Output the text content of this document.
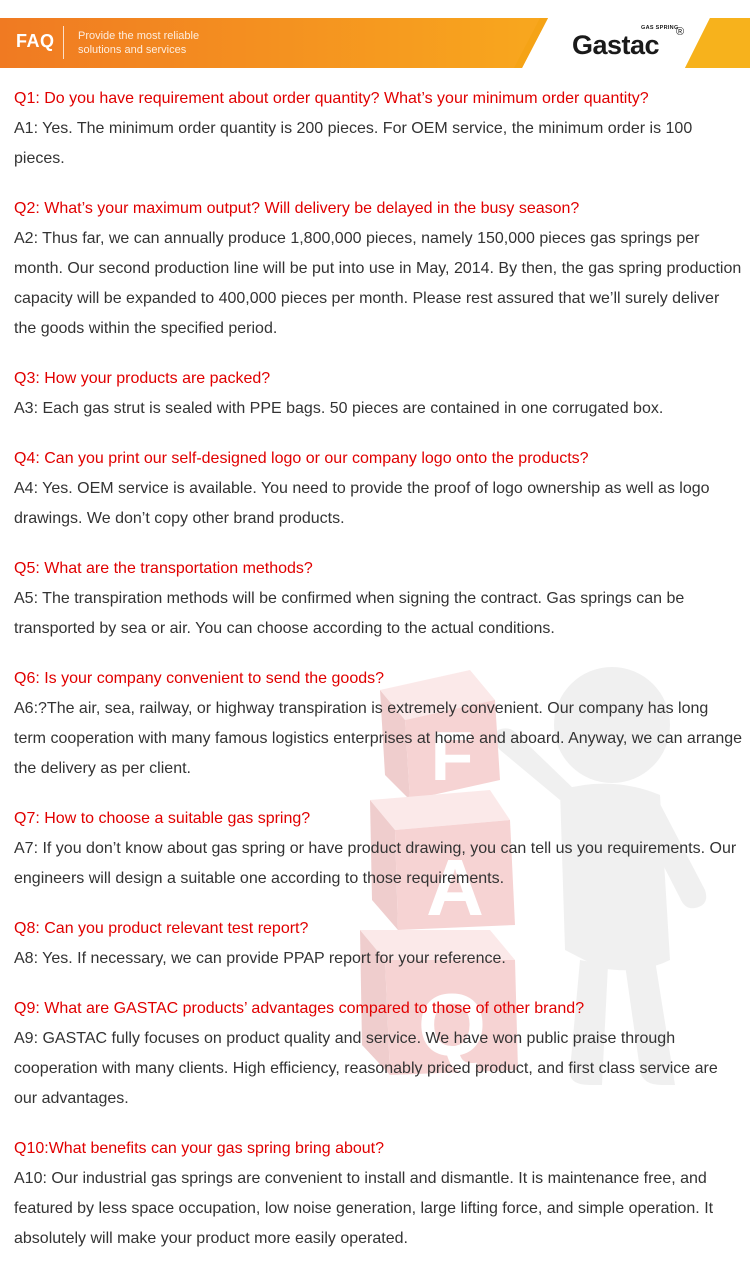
FAQ Provide the most reliable
solutions and services
GAS SPRING
®
Gastac
F
A
Q
Q1: Do you have requirement about order quantity? What’s your minimum order quantity?
A1: Yes. The minimum order quantity is 200 pieces. For OEM service, the minimum order is 100 pieces.
Q2: What’s your maximum output? Will delivery be delayed in the busy season?
A2: Thus far, we can annually produce 1,800,000 pieces, namely 150,000 pieces gas springs per month. Our second production line will be put into use in May, 2014. By then, the gas spring production capacity will be expanded to 400,000 pieces per month. Please rest assured that we’ll surely deliver the goods within the specified period.
Q3: How your products are packed?
A3: Each gas strut is sealed with PPE bags. 50 pieces are contained in one corrugated box.
Q4: Can you print our self-designed logo or our company logo onto the products?
A4: Yes. OEM service is available. You need to provide the proof of logo ownership as well as logo drawings. We don’t copy other brand products.
Q5: What are the transportation methods?
A5: The transpiration methods will be confirmed when signing the contract. Gas springs can be transported by sea or air. You can choose according to the actual conditions.
Q6: Is your company convenient to send the goods?
A6:?The air, sea, railway, or highway transpiration is extremely convenient. Our company has long term cooperation with many famous logistics enterprises at home and aboard. Anyway, we can arrange the delivery as per client.
Q7: How to choose a suitable gas spring?
A7: If you don’t know about gas spring or have product drawing, you can tell us you requirements. Our engineers will design a suitable one according to those requirements.
Q8: Can you product relevant test report?
A8: Yes. If necessary, we can provide PPAP report for your reference.
Q9: What are GASTAC products’ advantages compared to those of other brand?
A9: GASTAC fully focuses on product quality and service. We have won public praise through cooperation with many clients. High efficiency, reasonably priced product, and first class service are our advantages.
Q10:What benefits can your gas spring bring about?
A10: Our industrial gas springs are convenient to install and dismantle. It is maintenance free, and featured by less space occupation, low noise generation, large lifting force, and simple operation. It absolutely will make your product more easily operated.
